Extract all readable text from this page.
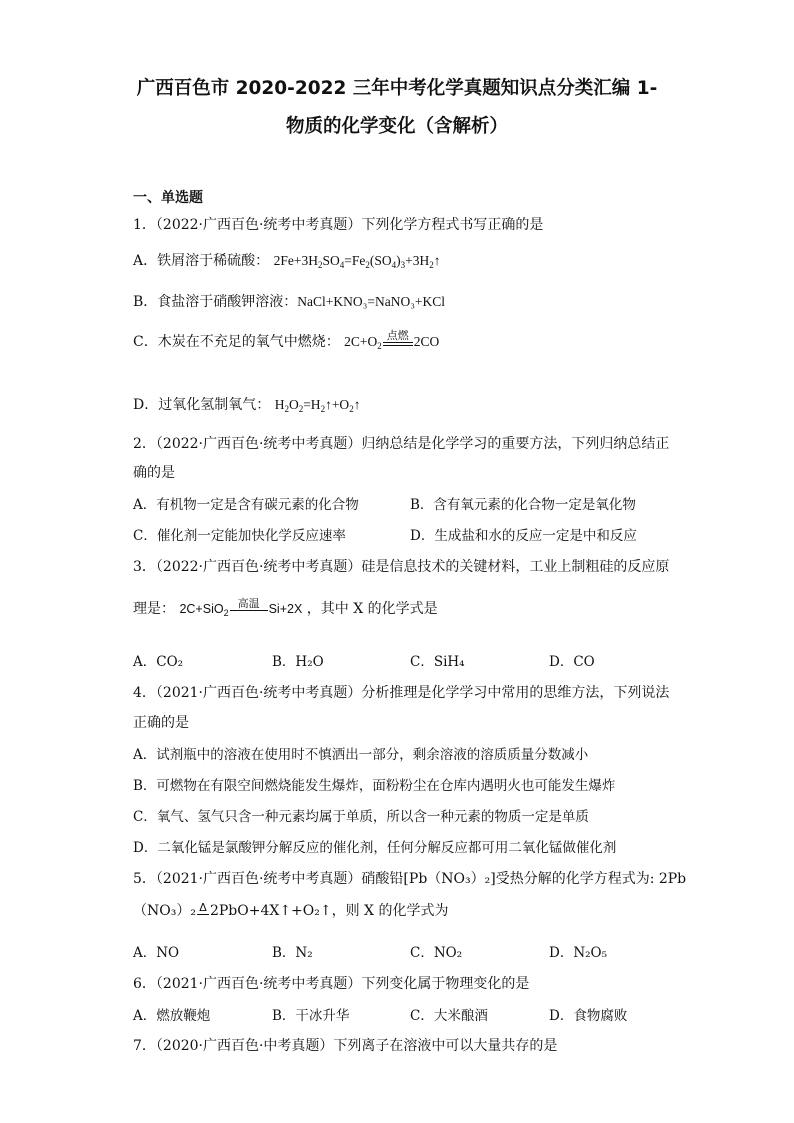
广西百色市 2020-2022 三年中考化学真题知识点分类汇编 1-
物质的化学变化（含解析）
一、单选题
1．（2022·广西百色·统考中考真题）下列化学方程式书写正确的是
A．铁屑溶于稀硫酸： $2Fe+3H_2SO_4=Fe_2(SO_4)_3+3H_2↑$
B．食盐溶于硝酸钾溶液：NaCl+KNO₃=NaNO₃+KCl
C．木炭在不充足的氧气中燃烧： $2C+O_2$
点燃 2CO
D．过氧化氢制氧气： $H_2O_2=H_2↑+O_2↑$
2．（2022·广西百色·统考中考真题）归纳总结是化学学习的重要方法，下列归纳总结正
确的是
A．有机物一定是含有碳元素的化合物	B．含有氧元素的化合物一定是氧化物
C．催化剂一定能加快化学反应速率	D．生成盐和水的反应一定是中和反应
3．（2022·广西百色·统考中考真题）硅是信息技术的关键材料，工业上制粗硅的反应原
理是： 2C+SiO$_2$
高温 Si+2X ，其中 X 的化学式是
A．CO₂	B．H₂O	C．SiH₄	D．CO
4．（2021·广西百色·统考中考真题）分析推理是化学学习中常用的思维方法，下列说法
正确的是
A．试剂瓶中的溶液在使用时不慎洒出一部分，剩余溶液的溶质质量分数减小
B．可燃物在有限空间燃烧能发生爆炸，面粉粉尘在仓库内遇明火也可能发生爆炸
C．氧气、氢气只含一种元素均属于单质，所以含一种元素的物质一定是单质
D．二氧化锰是氯酸钾分解反应的催化剂，任何分解反应都可用二氧化锰做催化剂
5．（2021·广西百色·统考中考真题）硝酸铅[Pb（NO₃）₂]受热分解的化学方程式为: 2Pb
（NO₃）₂ Δ 2PbO+4X↑+O₂↑，则 X 的化学式为
A．NO	B．N₂	C．NO₂	D．N₂O₅
6．（2021·广西百色·统考中考真题）下列变化属于物理变化的是
A．燃放鞭炮	B．干冰升华	C．大米酿酒	D．食物腐败
7．（2020·广西百色·中考真题）下列离子在溶液中可以大量共存的是
